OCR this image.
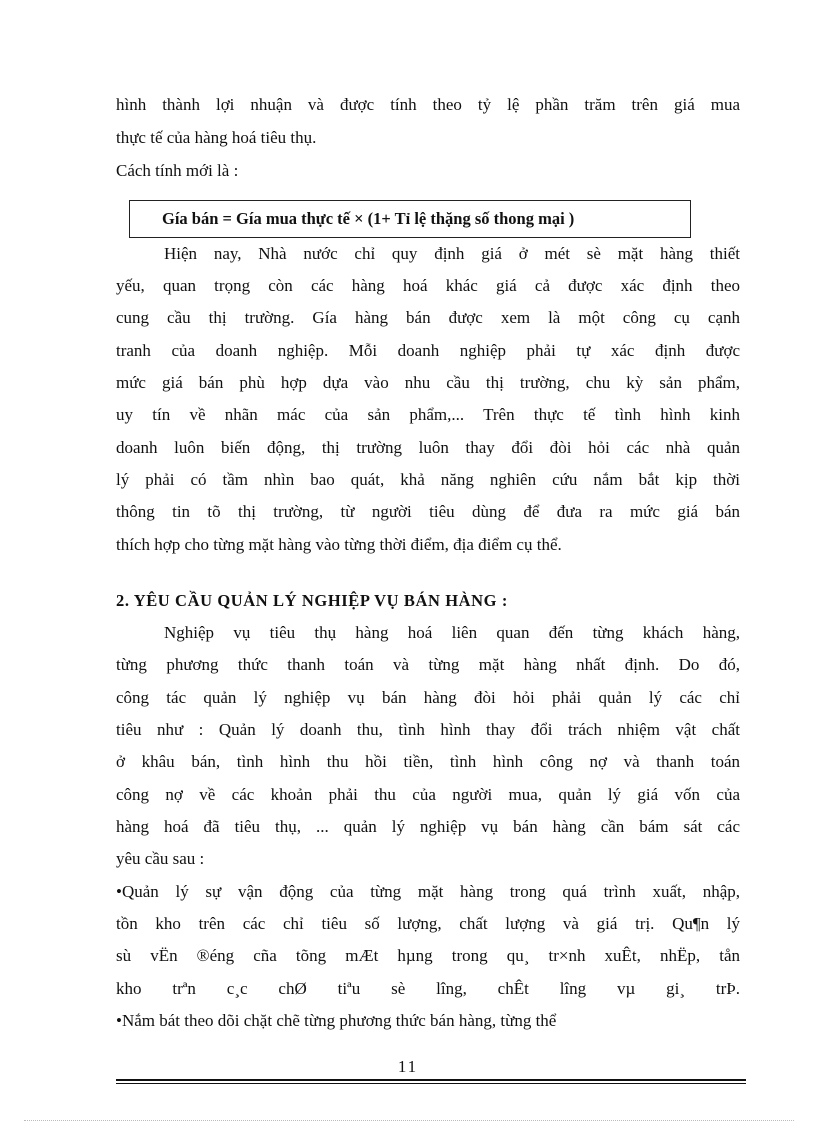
hình thành lợi nhuận và được tính theo tỷ lệ phần trăm trên giá mua
thực tế của hàng hoá tiêu thụ.
Cách tính mới là :
Gía bán = Gía mua thực tế × (1+ Tỉ lệ thặng số thong mại )
Hiện nay, Nhà nước chỉ quy định giá ở mét sè mặt hàng thiết
yếu, quan trọng còn các hàng hoá khác giá cả được xác định theo
cung cầu thị trường. Gía hàng bán được xem là một công cụ cạnh
tranh của doanh nghiệp. Mỗi doanh nghiệp phải tự xác định được
mức giá bán phù hợp dựa vào nhu cầu thị trường, chu kỳ sản phẩm,
uy tín về nhãn mác của sản phẩm,... Trên thực tế tình hình kinh
doanh luôn biến động, thị trường luôn thay đổi đòi hỏi các nhà quản
lý phải có tầm nhìn bao quát, khả năng nghiên cứu nắm bắt kịp thời
thông tin tõ thị trường, từ người tiêu dùng để đưa ra mức giá bán
thích hợp cho từng mặt hàng vào từng thời điểm, địa điểm cụ thể.
2. YÊU CẦU QUẢN LÝ NGHIỆP VỤ BÁN HÀNG :
Nghiệp vụ tiêu thụ hàng hoá liên quan đến từng khách hàng,
từng phương thức thanh toán và từng mặt hàng nhất định. Do đó,
công tác quản lý nghiệp vụ bán hàng đòi hỏi phải quản lý các chỉ
tiêu như : Quản lý doanh thu, tình hình thay đổi trách nhiệm vật chất
ở khâu bán, tình hình thu hồi tiền, tình hình công nợ và thanh toán
công nợ về các khoản phải thu của người mua, quản lý giá vốn của
hàng hoá đã tiêu thụ, ... quản lý nghiệp vụ bán hàng cần bám sát các
yêu cầu sau :
•Quản lý sự vận động của từng mặt hàng trong quá trình xuất, nhập,
tồn kho trên các chỉ tiêu số lượng, chất lượng và giá trị. Qu¶n lý
sù vËn ®éng cña tõng mÆt hµng trong qu¸ tr×nh xuÊt, nhËp, tån
kho trªn c¸c chØ tiªu sè lîng, chÊt lîng vµ gi¸ trÞ.
•Nắm bát theo dõi chặt chẽ từng phương thức bán hàng, từng thể
11
